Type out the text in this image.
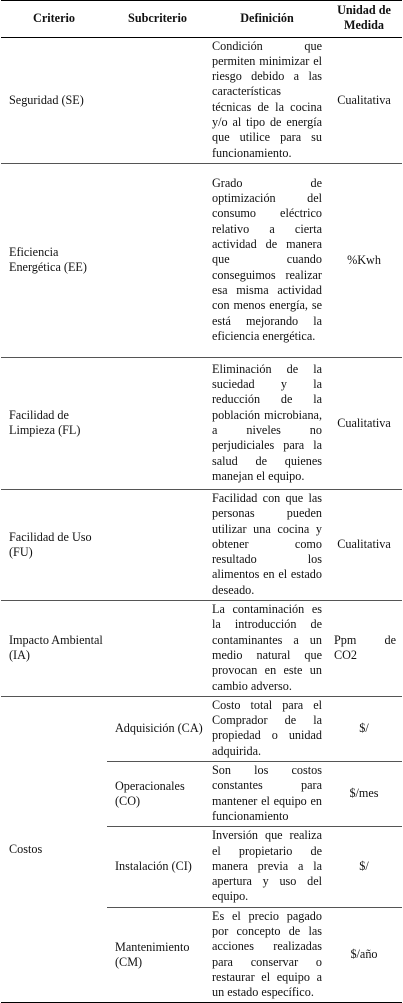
Criterio	Subcriterio	Definición	Unidad de Medida
Seguridad (SE)		Condición que permiten minimizar el riesgo debido a las características técnicas de la cocina y/o al tipo de energía que utilice para su funcionamiento.	Cualitativa
Eficiencia Energética (EE)		Grado de optimización del consumo eléctrico relativo a cierta actividad de manera que cuando conseguimos realizar esa misma actividad con menos energía, se está mejorando la eficiencia energética.	%Kwh
Facilidad de Limpieza (FL)		Eliminación de la suciedad y la reducción de la población microbiana, a niveles no perjudiciales para la salud de quienes manejan el equipo.	Cualitativa
Facilidad de Uso (FU)		Facilidad con que las personas pueden utilizar una cocina y obtener como resultado los alimentos en el estado deseado.	Cualitativa
Impacto Ambiental (IA)		La contaminación es la introducción de contaminantes a un medio natural que provocan en este un cambio adverso.	Ppm de CO2
Costos	Adquisición (CA)	Costo total para el Comprador de la propiedad o unidad adquirida.	$/
	Operacionales (CO)	Son los costos constantes para mantener el equipo en funcionamiento	$/mes
	Instalación (CI)	Inversión que realiza el propietario de manera previa a la apertura y uso del equipo.	$/
	Mantenimiento (CM)	Es el precio pagado por concepto de las acciones realizadas para conservar o restaurar el equipo a un estado específico.	$/año
